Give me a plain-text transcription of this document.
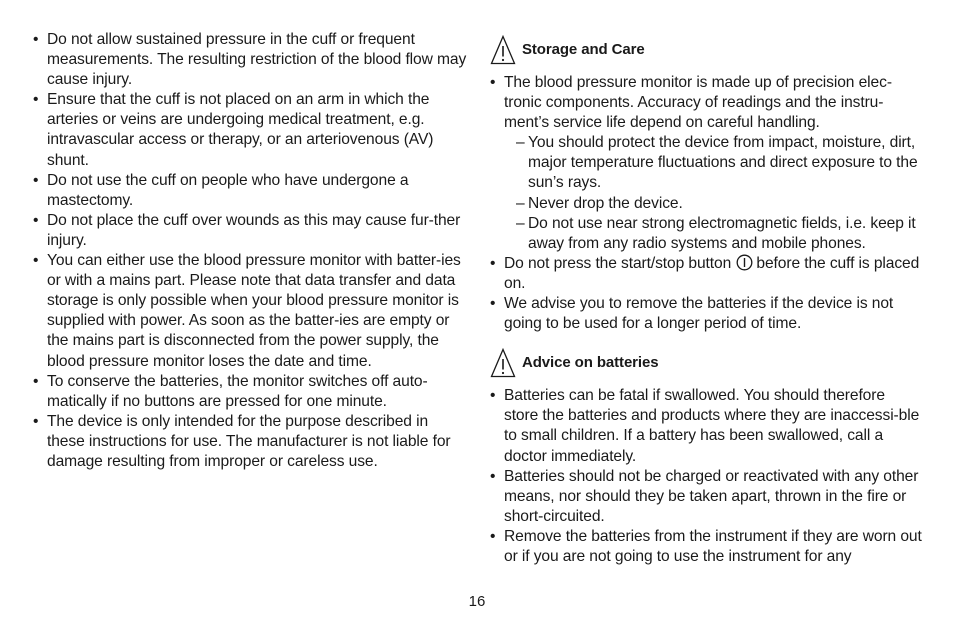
• Do not allow sustained pressure in the cuff or frequent measurements. The resulting restriction of the blood flow may cause injury.
• Ensure that the cuff is not placed on an arm in which the arteries or veins are undergoing medical treatment, e.g. intravascular access or therapy, or an arteriovenous (AV) shunt.
• Do not use the cuff on people who have undergone a mastectomy.
• Do not place the cuff over wounds as this may cause fur-ther injury.
• You can either use the blood pressure monitor with batter-ies or with a mains part. Please note that data transfer and data storage is only possible when your blood pressure monitor is supplied with power. As soon as the batter-ies are empty or the mains part is disconnected from the power supply, the blood pressure monitor loses the date and time.
• To conserve the batteries, the monitor switches off auto-matically if no buttons are pressed for one minute.
• The device is only intended for the purpose described in these instructions for use. The manufacturer is not liable for damage resulting from improper or careless use.
Storage and Care
• The blood pressure monitor is made up of precision elec-tronic components. Accuracy of readings and the instru-ment’s service life depend on careful handling.
– You should protect the device from impact, moisture, dirt, major temperature fluctuations and direct exposure to the sun’s rays.
– Never drop the device.
– Do not use near strong electromagnetic fields, i.e. keep it away from any radio systems and mobile phones.
• Do not press the start/stop button before the cuff is placed on.
• We advise you to remove the batteries if the device is not going to be used for a longer period of time.
Advice on batteries
• Batteries can be fatal if swallowed. You should therefore store the batteries and products where they are inaccessi-ble to small children. If a battery has been swallowed, call a doctor immediately.
• Batteries should not be charged or reactivated with any other means, nor should they be taken apart, thrown in the fire or short-circuited.
• Remove the batteries from the instrument if they are worn out or if you are not going to use the instrument for any
16
